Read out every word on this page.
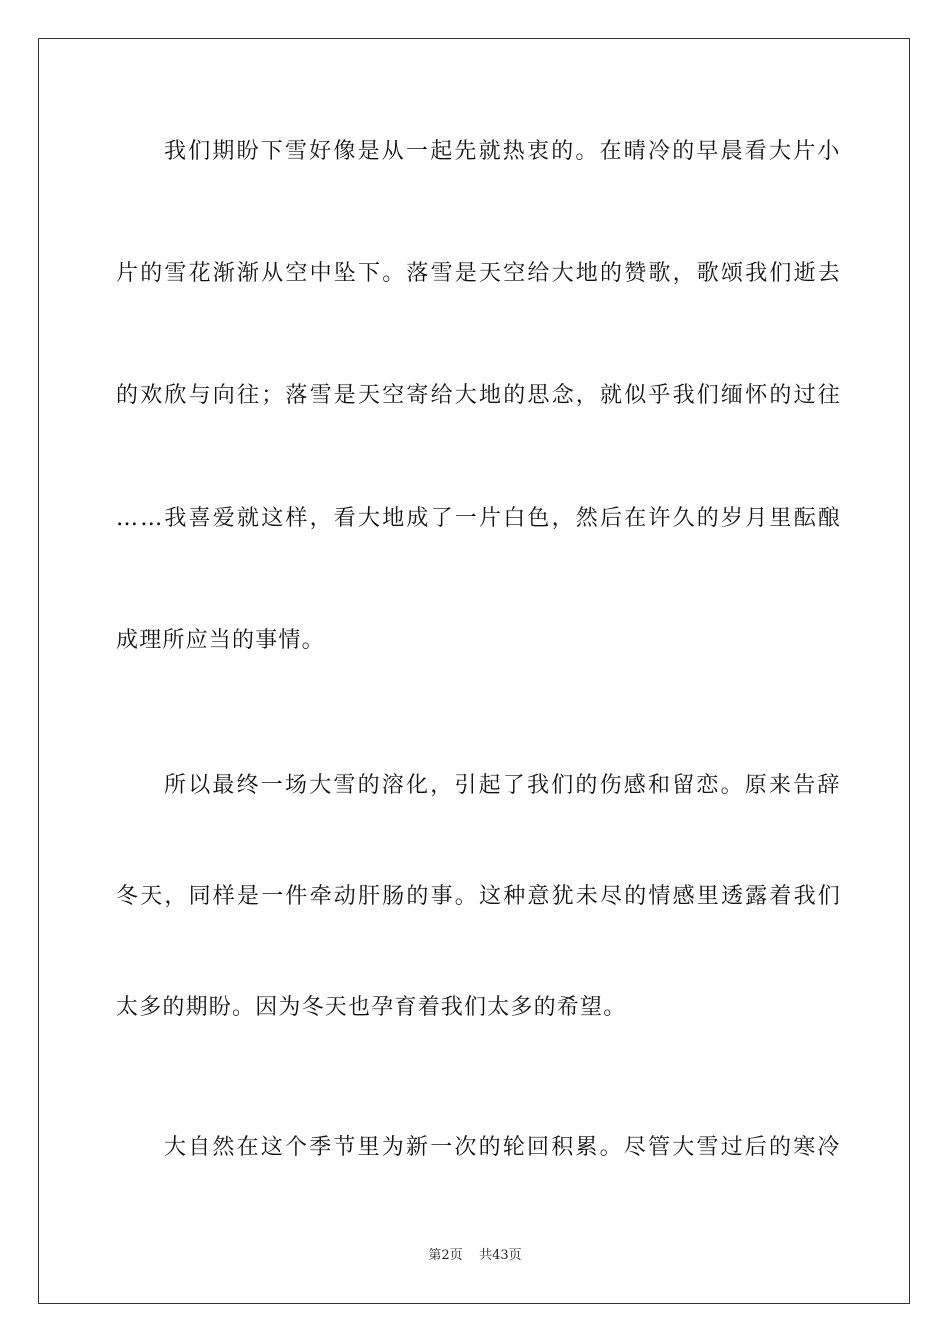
我们期盼下雪好像是从一起先就热衷的。在晴冷的早晨看大片小
片的雪花渐渐从空中坠下。落雪是天空给大地的赞歌，歌颂我们逝去
的欢欣与向往；落雪是天空寄给大地的思念，就似乎我们缅怀的过往
……我喜爱就这样，看大地成了一片白色，然后在许久的岁月里酝酿
成理所应当的事情。
所以最终一场大雪的溶化，引起了我们的伤感和留恋。原来告辞
冬天，同样是一件牵动肝肠的事。这种意犹未尽的情感里透露着我们
太多的期盼。因为冬天也孕育着我们太多的希望。
大自然在这个季节里为新一次的轮回积累。尽管大雪过后的寒冷
第2页 共43页
